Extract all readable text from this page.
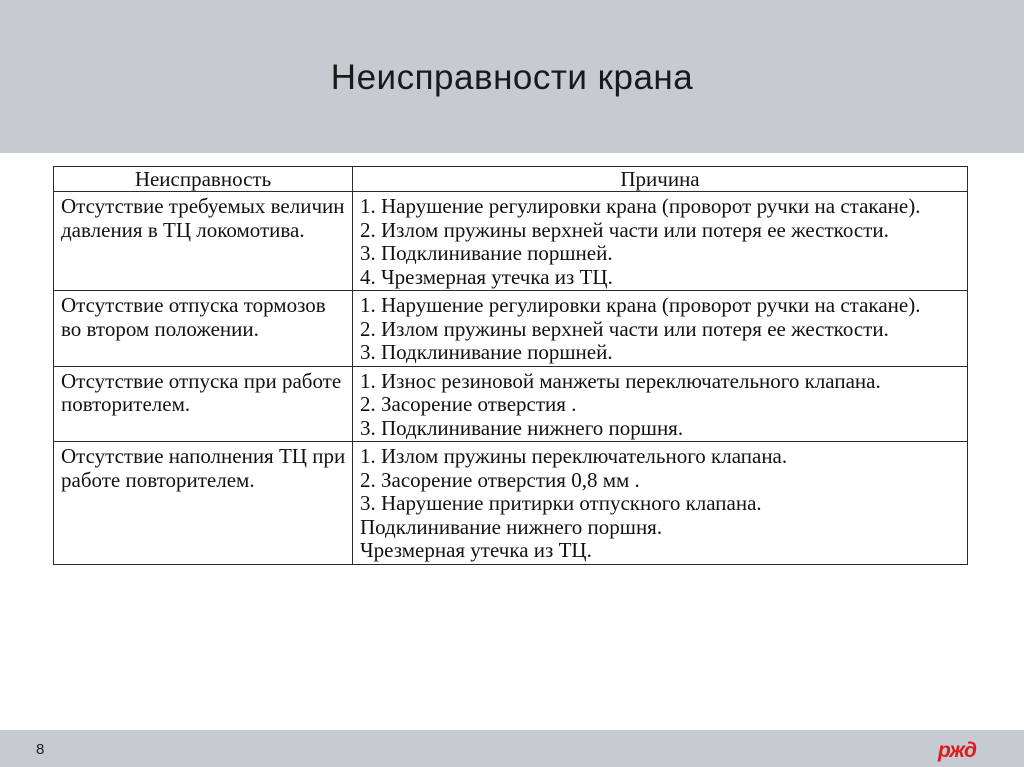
Неисправности крана
Неисправность	Причина
Отсутствие требуемых величин давления в ТЦ локомотива.	1. Нарушение регулировки крана (проворот ручки на стакане).
2. Излом пружины верхней части или потеря ее жесткости.
3. Подклинивание поршней.
4. Чрезмерная утечка из ТЦ.

Отсутствие отпуска тормозов во втором положении.	1. Нарушение регулировки крана (проворот ручки на стакане).
2. Излом пружины верхней части или потеря ее жесткости.
3. Подклинивание поршней.

Отсутствие отпуска при работе повторителем.	1. Износ резиновой манжеты переключательного клапана.
2. Засорение отверстия .
3. Подклинивание нижнего поршня.

Отсутствие наполнения ТЦ при работе повторителем.	1. Излом пружины переключательного клапана.
2. Засорение отверстия 0,8 мм .
3. Нарушение притирки отпускного клапана.
Подклинивание нижнего поршня.
Чрезмерная утечка из ТЦ.
8	ржд
